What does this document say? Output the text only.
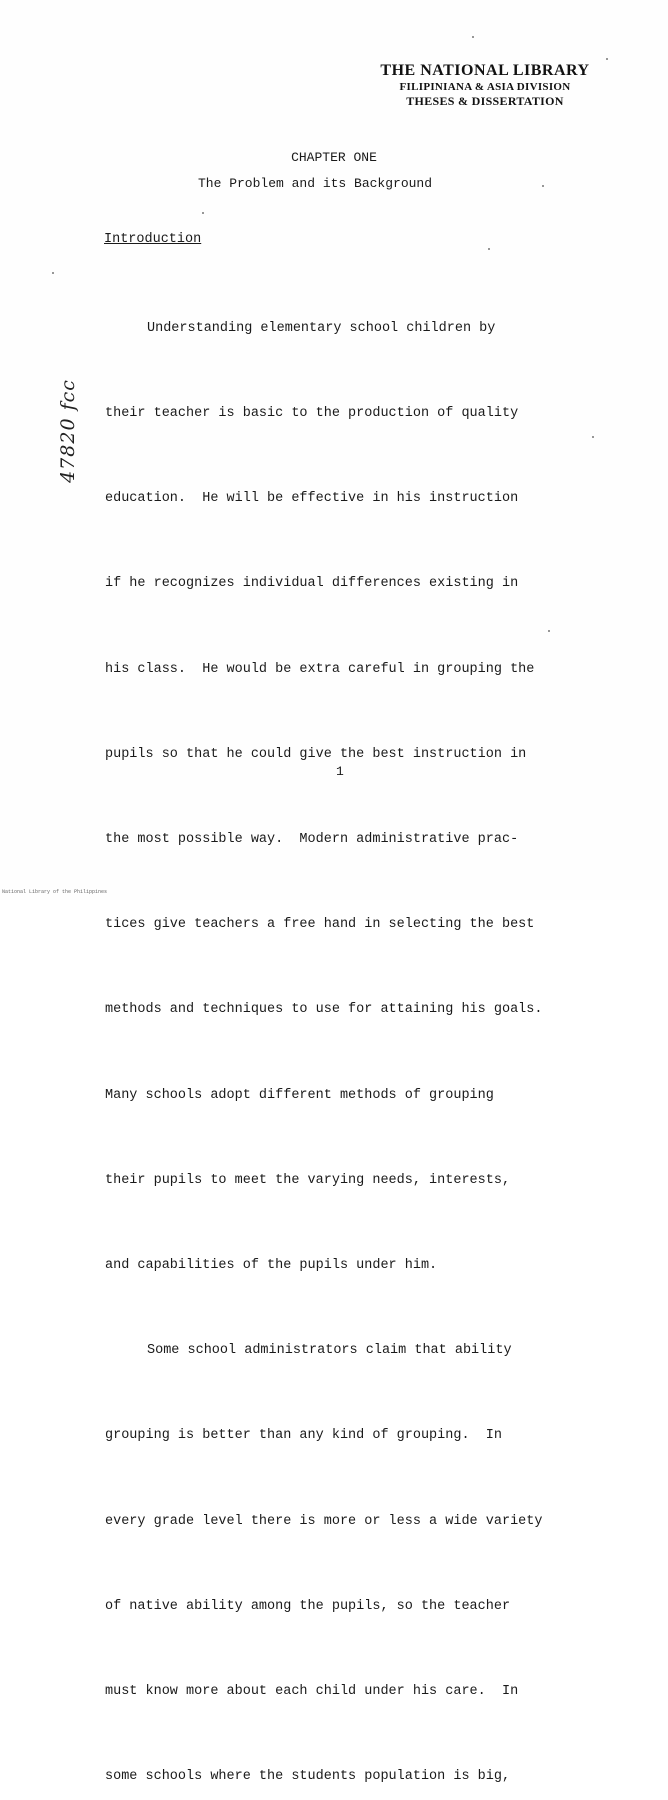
THE NATIONAL LIBRARY
FILIPINIANA & ASIA DIVISION
THESES & DISSERTATION
CHAPTER ONE
The Problem and its Background
Introduction

Understanding elementary school children by

their teacher is basic to the production of quality

education.  He will be effective in his instruction

if he recognizes individual differences existing in

his class.  He would be extra careful in grouping the

pupils so that he could give the best instruction in

the most possible way.  Modern administrative prac-

tices give teachers a free hand in selecting the best

methods and techniques to use for attaining his goals.

Many schools adopt different methods of grouping

their pupils to meet the varying needs, interests,

and capabilities of the pupils under him.

Some school administrators claim that ability

grouping is better than any kind of grouping.  In

every grade level there is more or less a wide variety

of native ability among the pupils, so the teacher

must know more about each child under his care.  In

some schools where the students population is big,

1
47820 fcc
National Library of the Philippines
